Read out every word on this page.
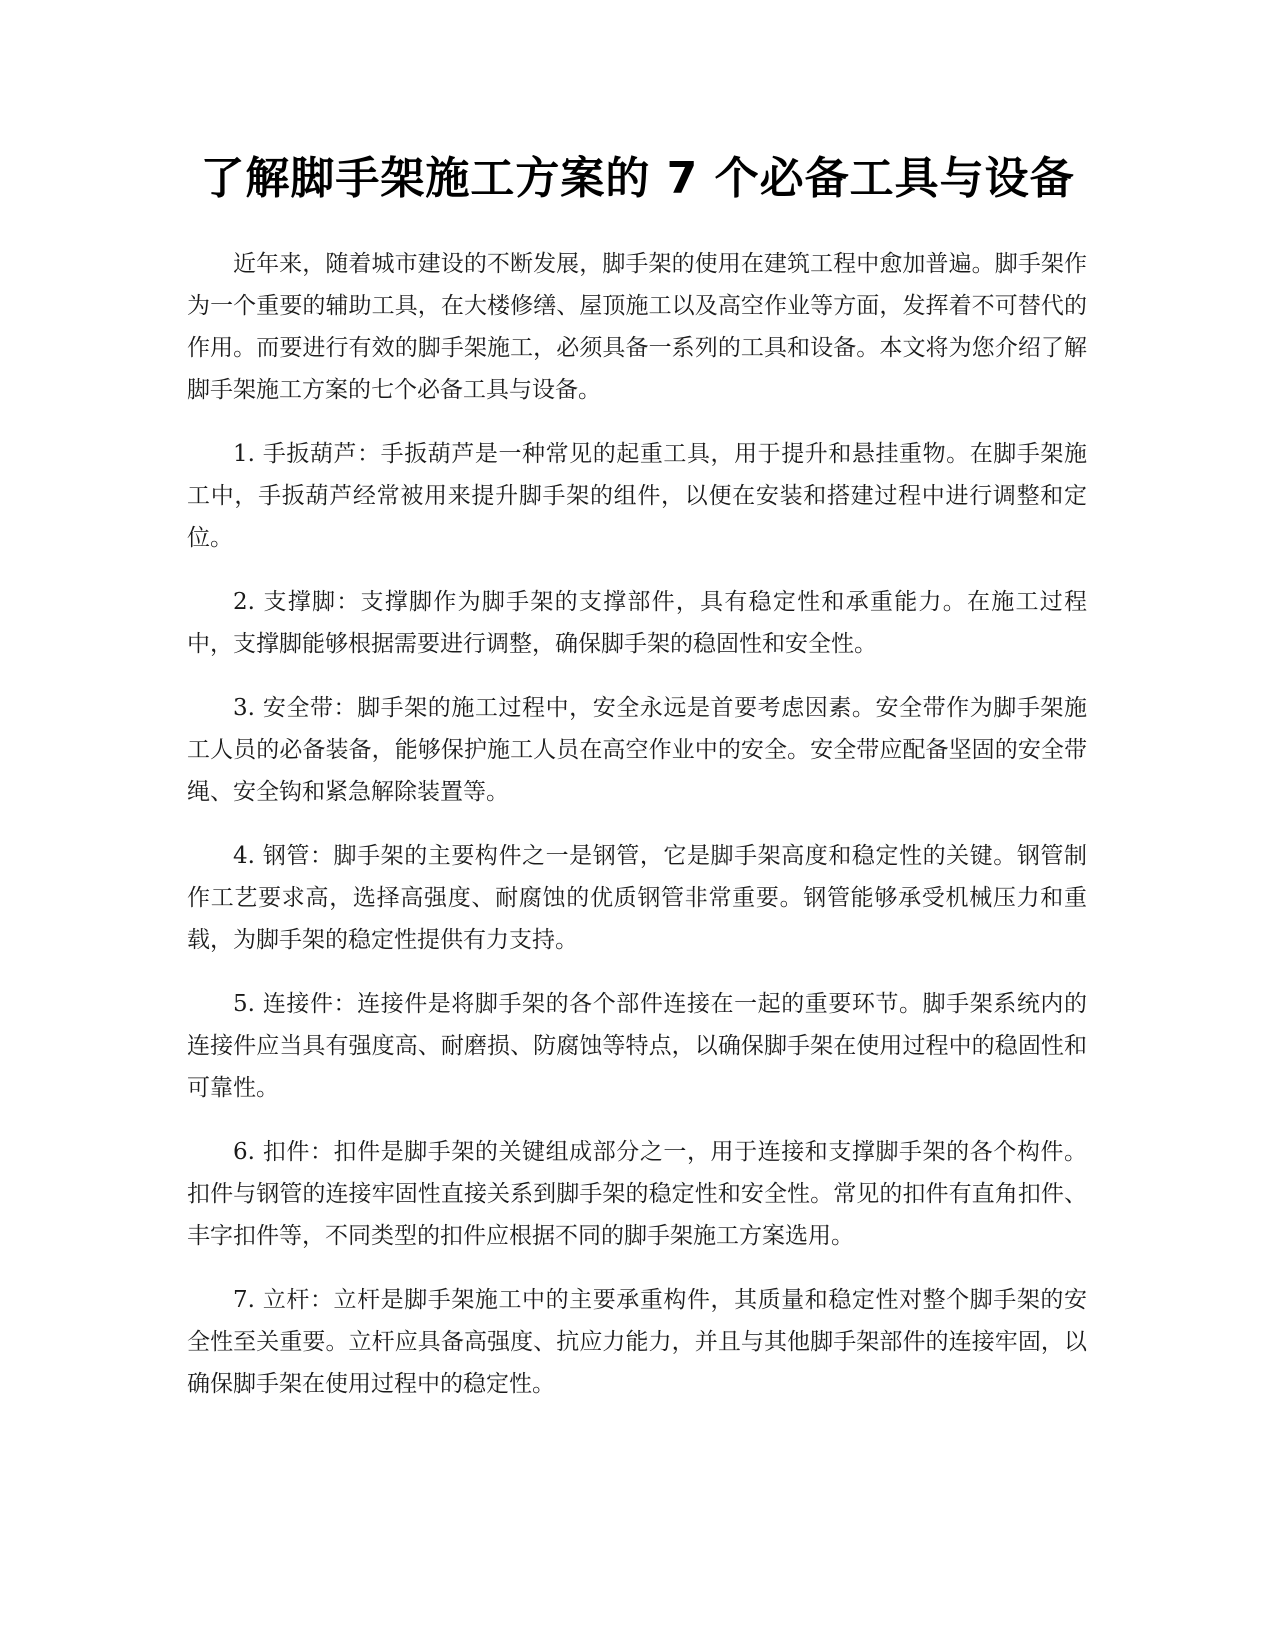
了解脚手架施工方案的 7 个必备工具与设备

近年来，随着城市建设的不断发展，脚手架的使用在建筑工程中愈加普遍。脚手架作为一个重要的辅助工具，在大楼修缮、屋顶施工以及高空作业等方面，发挥着不可替代的作用。而要进行有效的脚手架施工，必须具备一系列的工具和设备。本文将为您介绍了解脚手架施工方案的七个必备工具与设备。

1. 手扳葫芦：手扳葫芦是一种常见的起重工具，用于提升和悬挂重物。在脚手架施工中，手扳葫芦经常被用来提升脚手架的组件，以便在安装和搭建过程中进行调整和定位。

2. 支撑脚：支撑脚作为脚手架的支撑部件，具有稳定性和承重能力。在施工过程中，支撑脚能够根据需要进行调整，确保脚手架的稳固性和安全性。

3. 安全带：脚手架的施工过程中，安全永远是首要考虑因素。安全带作为脚手架施工人员的必备装备，能够保护施工人员在高空作业中的安全。安全带应配备坚固的安全带绳、安全钩和紧急解除装置等。

4. 钢管：脚手架的主要构件之一是钢管，它是脚手架高度和稳定性的关键。钢管制作工艺要求高，选择高强度、耐腐蚀的优质钢管非常重要。钢管能够承受机械压力和重载，为脚手架的稳定性提供有力支持。

5. 连接件：连接件是将脚手架的各个部件连接在一起的重要环节。脚手架系统内的连接件应当具有强度高、耐磨损、防腐蚀等特点，以确保脚手架在使用过程中的稳固性和可靠性。

6. 扣件：扣件是脚手架的关键组成部分之一，用于连接和支撑脚手架的各个构件。扣件与钢管的连接牢固性直接关系到脚手架的稳定性和安全性。常见的扣件有直角扣件、丰字扣件等，不同类型的扣件应根据不同的脚手架施工方案选用。

7. 立杆：立杆是脚手架施工中的主要承重构件，其质量和稳定性对整个脚手架的安全性至关重要。立杆应具备高强度、抗应力能力，并且与其他脚手架部件的连接牢固，以确保脚手架在使用过程中的稳定性。
